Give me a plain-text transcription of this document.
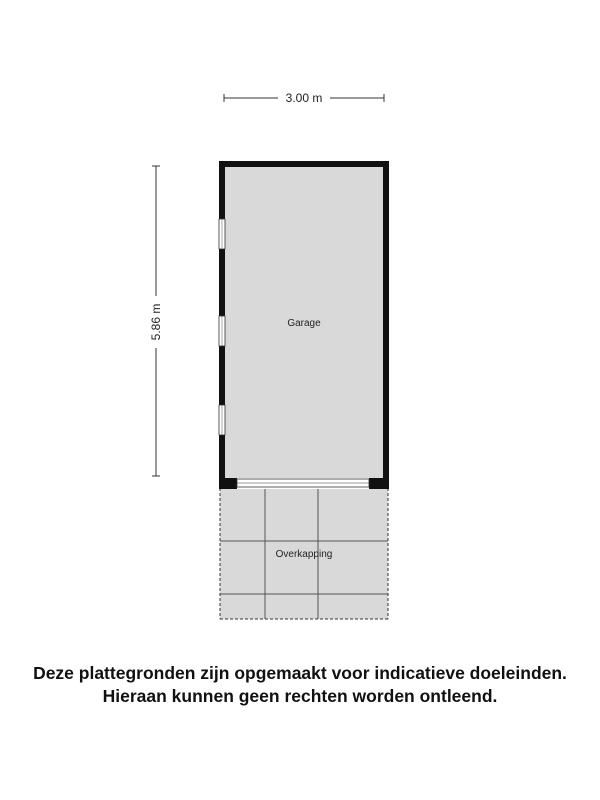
3.00 m
5.86 m
Overkapping
Garage
Deze plattegronden zijn opgemaakt voor indicatieve doeleinden.
Hieraan kunnen geen rechten worden ontleend.
